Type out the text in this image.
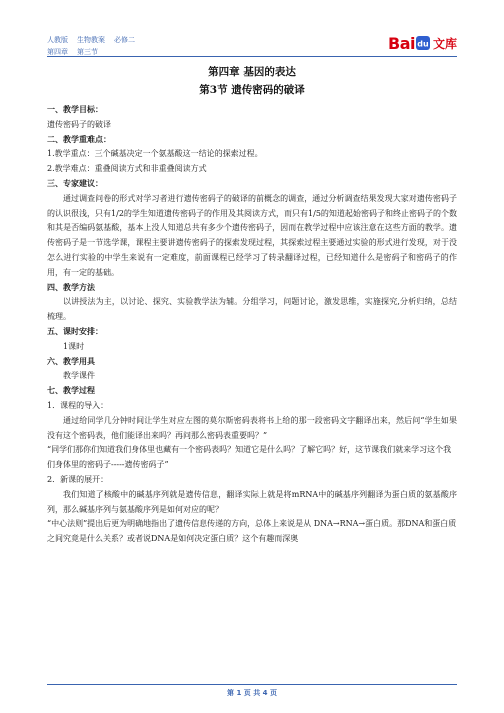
人教版 生物教案 必修二
第四章 第三节	Bai du 文库
第四章 基因的表达
第3节 遗传密码的破译

一、教学目标：

遗传密码子的破译

二、教学重难点：

1.教学重点：三个碱基决定一个氨基酸这一结论的探索过程。

2.教学难点：重叠阅读方式和非重叠阅读方式

三、专家建议：

通过调查问卷的形式对学习者进行遗传密码子的破译的前概念的调查，通过分析调查结果发现大家对遗传密码子的认识很浅，只有1/2的学生知道遗传密码子的作用及其阅读方式，而只有1/5的知道起始密码子和终止密码子的个数和其是否编码氨基酸，基本上没人知道总共有多少个遗传密码子，因而在教学过程中应该注意在这些方面的教学。遗传密码子是一节选学课，课程主要讲遗传密码子的探索发现过程，其探索过程主要通过实验的形式进行发现，对于没怎么进行实验的中学生来说有一定难度，前面课程已经学习了转录翻译过程，已经知道什么是密码子和密码子的作用，有一定的基础。

四、教学方法

以讲授法为主，以讨论、探究、实验教学法为辅。分组学习，问题讨论，激发思维，实施探究,分析归纳，总结梳理。

五、课时安排：

1课时

六、教学用具

教学课件

七、教学过程

1．课程的导入：

通过给同学几分钟时间让学生对应左图的莫尔斯密码表将书上给的那一段密码文字翻译出来，然后问“学生如果没有这个密码表，他们能译出来吗？再问那么密码表重要吗？”

“同学们那你们知道我们身体里也藏有一个密码表吗？知道它是什么吗？了解它吗？好，这节课我们就来学习这个我们身体里的密码子-----遗传密码子”

2．新课的展开：

我们知道了核酸中的碱基序列就是遗传信息，翻译实际上就是将mRNA中的碱基序列翻译为蛋白质的氨基酸序列，那么碱基序列与氨基酸序列是如何对应的呢？

“中心法则”提出后更为明确地指出了遗传信息传递的方向，总体上来说是从 DNA→RNA→蛋白质。那DNA和蛋白质之间究竟是什么关系？或者说DNA是如何决定蛋白质？这个有趣而深奥

第 1 页 共 4 页
